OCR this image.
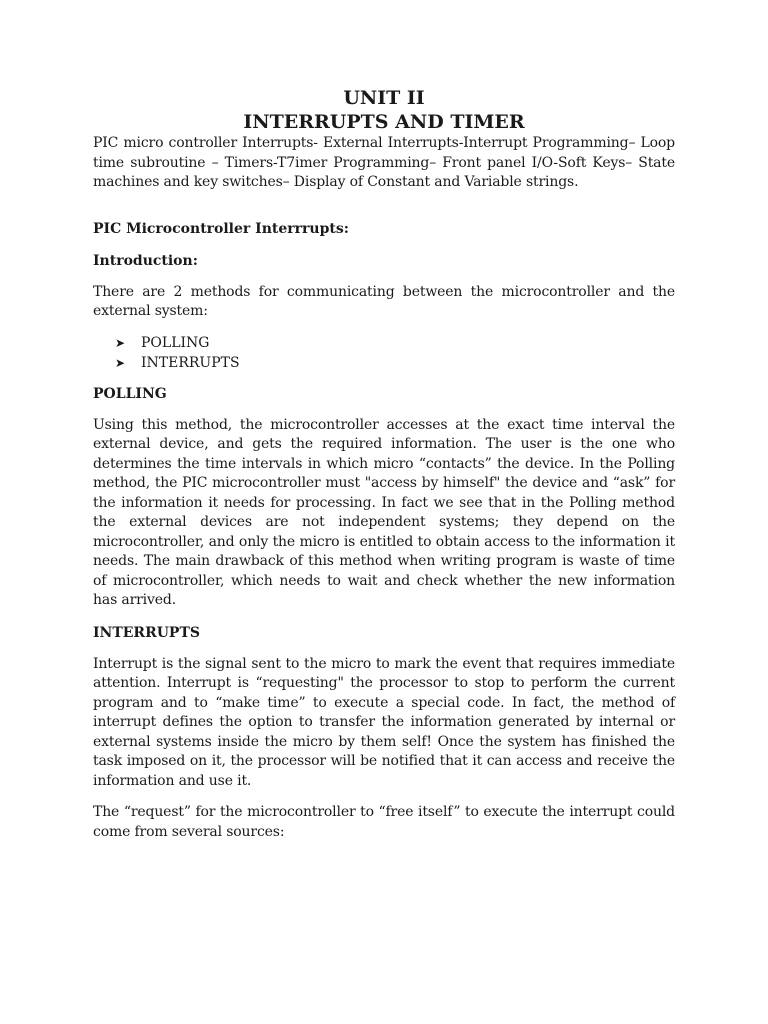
UNIT II
INTERRUPTS AND TIMER

PIC micro controller Interrupts- External Interrupts-Interrupt Programming– Loop time subroutine – Timers-T7imer Programming– Front panel I/O-Soft Keys– State machines and key switches– Display of Constant and Variable strings.

PIC Microcontroller Interrrupts:

Introduction:

There are 2 methods for communicating between the microcontroller and the external system:

➤	POLLING
➤	INTERRUPTS

POLLING

Using this method, the microcontroller accesses at the exact time interval the external device, and gets the required information. The user is the one who determines the time intervals in which micro “contacts” the device. In the Polling method, the PIC microcontroller must "access by himself" the device and “ask” for the information it needs for processing. In fact we see that in the Polling method the external devices are not independent systems; they depend on the microcontroller, and only the micro is entitled to obtain access to the information it needs. The main drawback of this method when writing program is waste of time of microcontroller, which needs to wait and check whether the new information has arrived.

INTERRUPTS

Interrupt is the signal sent to the micro to mark the event that requires immediate attention. Interrupt is “requesting" the processor to stop to perform the current program and to “make time” to execute a special code. In fact, the method of interrupt defines the option to transfer the information generated by internal or external systems inside the micro by them self! Once the system has finished the task imposed on it, the processor will be notified that it can access and receive the information and use it.

The “request” for the microcontroller to “free itself” to execute the interrupt could come from several sources:
